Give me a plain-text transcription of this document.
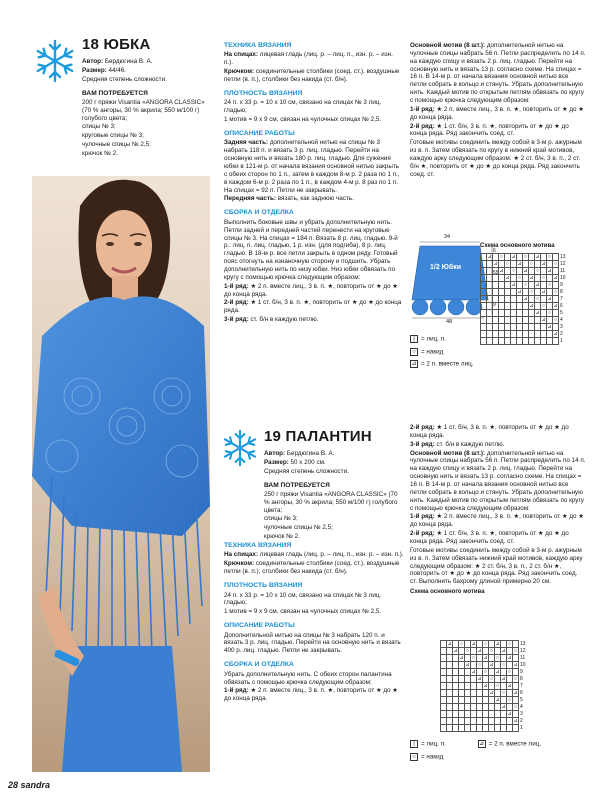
18 ЮБКА

Автор: Бердюгина В. А.

Размер: 44/46.

Средняя степень сложности.

ВАМ ПОТРЕБУЕТСЯ

200 г пряжи Visantia «ANGORA CLASSIC» (70 % ангоры, 30 % акрила; 550 м/100 г) голубого цвета;

спицы № 3;

круговые спицы № 3;

чулочные спицы № 2,5;

крючок № 2.

ТЕХНИКА ВЯЗАНИЯ

На спицах: лицевая гладь (лиц. р. – лиц. п., изн. р. – изн. п.).

Крючком: соединительные столбики (соед. ст.), воздушные петли (в. п.), столбики без накида (ст. б/н).

ПЛОТНОСТЬ ВЯЗАНИЯ

24 п. х 33 р. = 10 х 10 см, связано на спицах № 3 лиц. гладью;

1 мотив = 9 х 9 см, связан на чулочных спицах № 2,5.

ОПИСАНИЕ РАБОТЫ

Задняя часть: дополнительной нитью на спицы № 3 набрать 118 п. и вязать 3 р. лиц. гладью. Перейти на основную нить и вязать 180 р. лиц. гладью. Для сужения юбки в 121-м р. от начала вязания основной нитью закрыть с обеих сторон по 1 п., затем в каждом 8-м р. 2 раза по 1 п., в каждом 6-м р. 2 раза по 1 п., в каждом 4-м р. 8 раз по 1 п. На спицах = 92 п. Петли не закрывать.

Передняя часть: вязать, как заднюю часть.

СБОРКА И ОТДЕЛКА

Выполнить боковые швы и убрать дополнительную нить. Петли задней и передней частей перенести на круговые спицы № 3. На спицах = 184 п. Вязать 8 р. лиц. гладью. 9-й р.: лиц. п. лиц. гладью, 1 р. изн. (для подгиба), 8 р. лиц. гладью. В 18-м р. все петли закрыть в одном ряду. Готовый пояс отогнуть на изнаночную сторону и подшить. Убрать дополнительную нить по низу юбки. Низ юбки обвязать по кругу с помощью крючка следующим образом:

1-й ряд: ★ 2 п. вместе лиц., 3 в. п. ★, повторить от ★ до ★ до конца ряда.

2-й ряд: ★ 1 ст. б/н, 3 в. п. ★, повторить от ★ до ★ до конца ряда.

3-й ряд: ст. б/н в каждую петлю.

Основной мотив (8 шт.): дополнительной нитью на чулочные спицы набрать 56 п. Петли распределить по 14 п. на каждую спицу и вязать 2 р. лиц. гладью. Перейти на основную нить и вязать 13 р. согласно схеме. На спицах = 16 п. В 14-м р. от начала вязания основной нитью все петли собрать в кольцо и стянуть. Убрать дополнительную нить. Каждый мотив по открытым петлям обвязать по кругу с помощью крючка следующим образом:

1-й ряд: ★ 2 п. вместе лиц., 3 в. п. ★, повторить от ★ до ★ до конца ряда.

2-й ряд: ★ 1 ст. б/н, 3 в. п. ★, повторить от ★ до ★ до конца ряда. Ряд закончить соед. ст.

Готовые мотивы соединить между собой в 3-м р. ажурным из в. п. Затем обвязать по кругу в нижний край мотивов, каждую арку следующим образом: ★ 2 ст. б/н, 3 в. п., 2 ст. б/н ★, повторить от ★ до ★ до конца ряда. Ряд закончить соед. ст.

34
1/2 Юбки
48
6
55
9

Схема основного мотива

	⊿		○		⊿		○		⊿		○		13
		⊿		○		⊿		○		⊿		○	12
			⊿		○		⊿		○		⊿		11
				⊿		○		⊿		○		⊿	10
					⊿		○		⊿		○		9
						⊿		○		⊿		○	8
							⊿		○		⊿		7
								⊿		○		⊿	6
									⊿		○		5
										⊿		○	4
											⊿		3
												⊿	2
													1

| = лиц. п.

○ = накид

⊿ = 2 п. вместе лиц.

19 ПАЛАНТИН

Автор: Бердюгина В. А.

Размер: 50 х 200 см.

Средняя степень сложности.

ВАМ ПОТРЕБУЕТСЯ

250 г пряжи Visantia «ANGORA CLASSIC» (70 % ангоры, 30 % акрила; 550 м/100 г) голубого цвета;

спицы № 3;

чулочные спицы № 2,5;

крючок № 2.

ТЕХНИКА ВЯЗАНИЯ

На спицах: лицевая гладь (лиц. р. – лиц. п., изн. р. – изн. п.).

Крючком: соединительные столбики (соед. ст.), воздушные петли (в. п.), столбики без накида (ст. б/н).

ПЛОТНОСТЬ ВЯЗАНИЯ

24 п. х 33 р. = 10 х 10 см, связано на спицах № 3 лиц. гладью;

1 мотив = 9 х 9 см, связан на чулочных спицах № 2,5.

ОПИСАНИЕ РАБОТЫ

Дополнительной нитью на спицы № 3 набрать 120 п. и вязать 3 р. лиц. гладью. Перейти на основную нить и вязать 400 р. лиц. гладью. Петли не закрывать.

СБОРКА И ОТДЕЛКА

Убрать дополнительную нить. С обеих сторон палантина обвязать с помощью крючка следующим образом:

1-й ряд: ★ 2 п. вместе лиц., 3 в. п. ★, повторить от ★ до ★ до конца ряда.

2-й ряд: ★ 1 ст. б/н, 3 в. п. ★, повторить от ★ до ★ до конца ряда.

3-й ряд: ст. б/н в каждую петлю.

Основной мотив (8 шт.): дополнительной нитью на чулочные спицы набрать 56 п. Петли распределить по 14 п. на каждую спицу и вязать 2 р. лиц. гладью. Перейти на основную нить и вязать 13 р. согласно схеме. На спицах = 16 п. В 14-м р. от начала вязания основной нитью все петли собрать в кольцо и стянуть. Убрать дополнительную нить. Каждый мотив по открытым петлям обвязать по кругу с помощью крючка следующим образом:

1-й ряд: ★ 2 п. вместе лиц., 3 в. п. ★, повторить от ★ до ★ до конца ряда.

2-й ряд: ★ 1 ст. б/н, 3 в. п. ★, повторить от ★ до ★ до конца ряда. Ряд закончить соед. ст.

Готовые мотивы соединить между собой в 3-м р. ажурным из в. п. Затем обвязать нижний край мотивов, каждую арку следующим образом: ★ 2 ст. б/н, 3 в. п., 2 ст. б/н ★, повторить от ★ до ★ до конца ряда. Ряд закончить соед. ст. Выполнить бахрому длиной примерно 20 см.

Схема основного мотива

	⊿		○		⊿		○		⊿		○		13
		⊿		○		⊿		○		⊿		○	12
			⊿		○		⊿		○		⊿		11
				⊿		○		⊿		○		⊿	10
					⊿		○		⊿		○		9
						⊿		○		⊿		○	8
							⊿		○		⊿		7
								⊿		○		⊿	6
									⊿		○		5
										⊿		○	4
											⊿		3
												⊿	2
													1

| = лиц. п.	⊿ = 2 п. вместе лиц.

○ = накид

28 sandra
